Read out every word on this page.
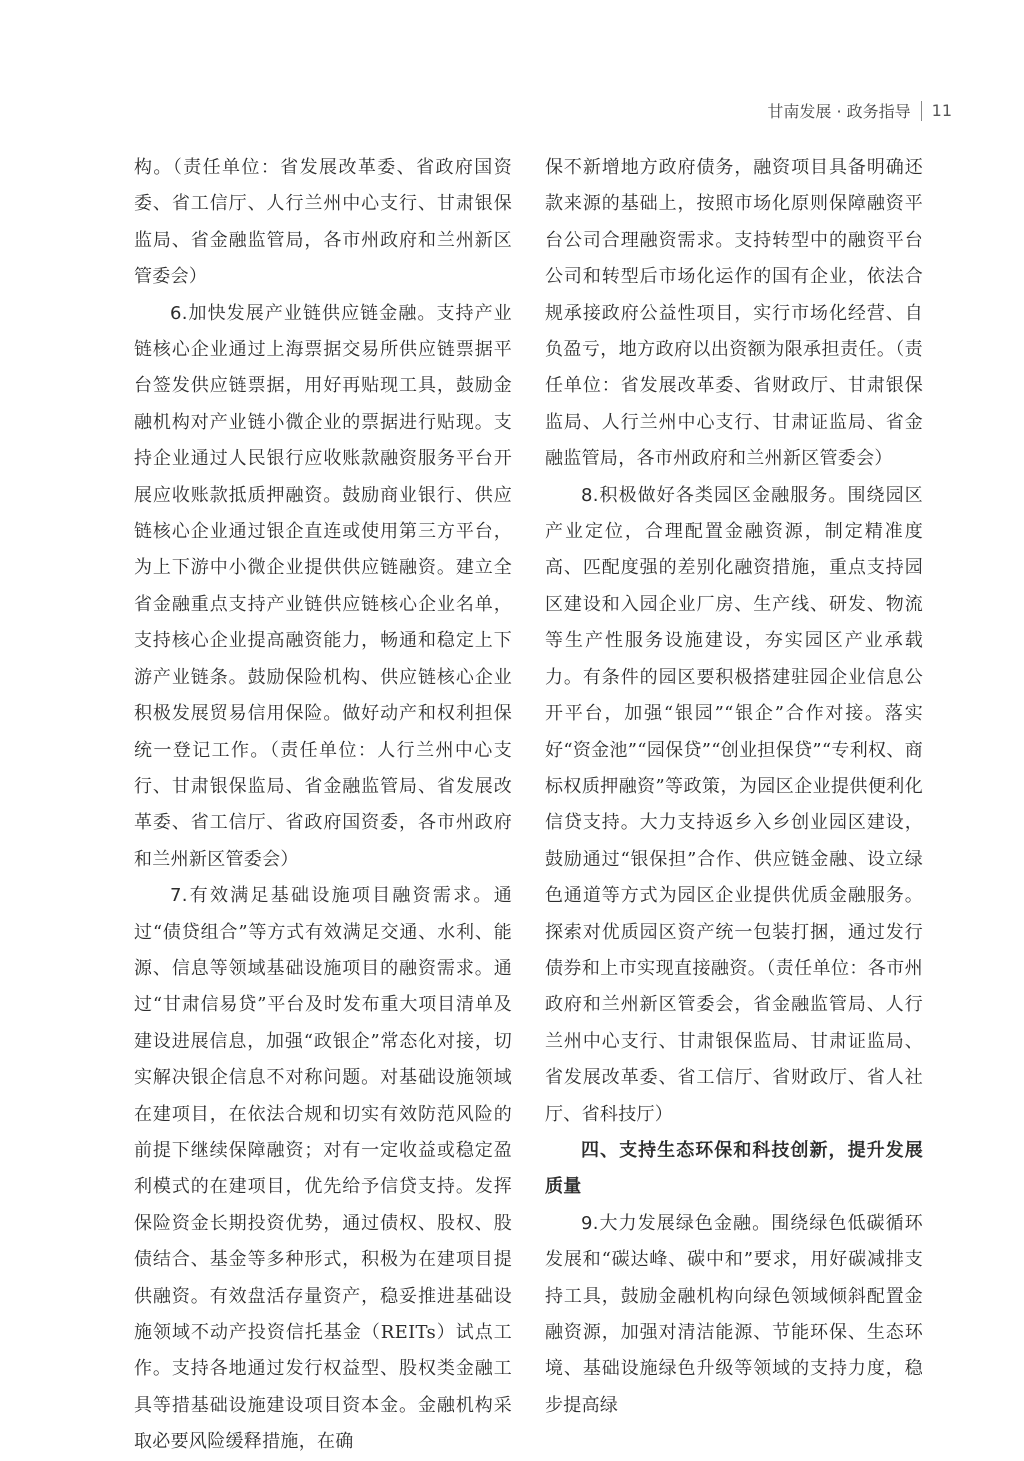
甘南发展 · 政务指导 11

构。（责任单位：省发展改革委、省政府国资委、省工信厅、人行兰州中心支行、甘肃银保监局、省金融监管局，各市州政府和兰州新区管委会）

6.加快发展产业链供应链金融。支持产业链核心企业通过上海票据交易所供应链票据平台签发供应链票据，用好再贴现工具，鼓励金融机构对产业链小微企业的票据进行贴现。支持企业通过人民银行应收账款融资服务平台开展应收账款抵质押融资。鼓励商业银行、供应链核心企业通过银企直连或使用第三方平台，为上下游中小微企业提供供应链融资。建立全省金融重点支持产业链供应链核心企业名单，支持核心企业提高融资能力，畅通和稳定上下游产业链条。鼓励保险机构、供应链核心企业积极发展贸易信用保险。做好动产和权利担保统一登记工作。（责任单位：人行兰州中心支行、甘肃银保监局、省金融监管局、省发展改革委、省工信厅、省政府国资委，各市州政府和兰州新区管委会）

7.有效满足基础设施项目融资需求。通过“债贷组合”等方式有效满足交通、水利、能源、信息等领域基础设施项目的融资需求。通过“甘肃信易贷”平台及时发布重大项目清单及建设进展信息，加强“政银企”常态化对接，切实解决银企信息不对称问题。对基础设施领域在建项目，在依法合规和切实有效防范风险的前提下继续保障融资；对有一定收益或稳定盈利模式的在建项目，优先给予信贷支持。发挥保险资金长期投资优势，通过债权、股权、股债结合、基金等多种形式，积极为在建项目提供融资。有效盘活存量资产，稳妥推进基础设施领域不动产投资信托基金（REITs）试点工作。支持各地通过发行权益型、股权类金融工具等措基础设施建设项目资本金。金融机构采取必要风险缓释措施，在确

保不新增地方政府债务，融资项目具备明确还款来源的基础上，按照市场化原则保障融资平台公司合理融资需求。支持转型中的融资平台公司和转型后市场化运作的国有企业，依法合规承接政府公益性项目，实行市场化经营、自负盈亏，地方政府以出资额为限承担责任。（责任单位：省发展改革委、省财政厅、甘肃银保监局、人行兰州中心支行、甘肃证监局、省金融监管局，各市州政府和兰州新区管委会）

8.积极做好各类园区金融服务。围绕园区产业定位，合理配置金融资源，制定精准度高、匹配度强的差别化融资措施，重点支持园区建设和入园企业厂房、生产线、研发、物流等生产性服务设施建设，夯实园区产业承载力。有条件的园区要积极搭建驻园企业信息公开平台，加强“银园”“银企”合作对接。落实好“资金池”“园保贷”“创业担保贷”“专利权、商标权质押融资”等政策，为园区企业提供便利化信贷支持。大力支持返乡入乡创业园区建设，鼓励通过“银保担”合作、供应链金融、设立绿色通道等方式为园区企业提供优质金融服务。探索对优质园区资产统一包装打捆，通过发行债券和上市实现直接融资。（责任单位：各市州政府和兰州新区管委会，省金融监管局、人行兰州中心支行、甘肃银保监局、甘肃证监局、省发展改革委、省工信厅、省财政厅、省人社厅、省科技厅）

四、支持生态环保和科技创新，提升发展质量

9.大力发展绿色金融。围绕绿色低碳循环发展和“碳达峰、碳中和”要求，用好碳减排支持工具，鼓励金融机构向绿色领域倾斜配置金融资源，加强对清洁能源、节能环保、生态环境、基础设施绿色升级等领域的支持力度，稳步提高绿
